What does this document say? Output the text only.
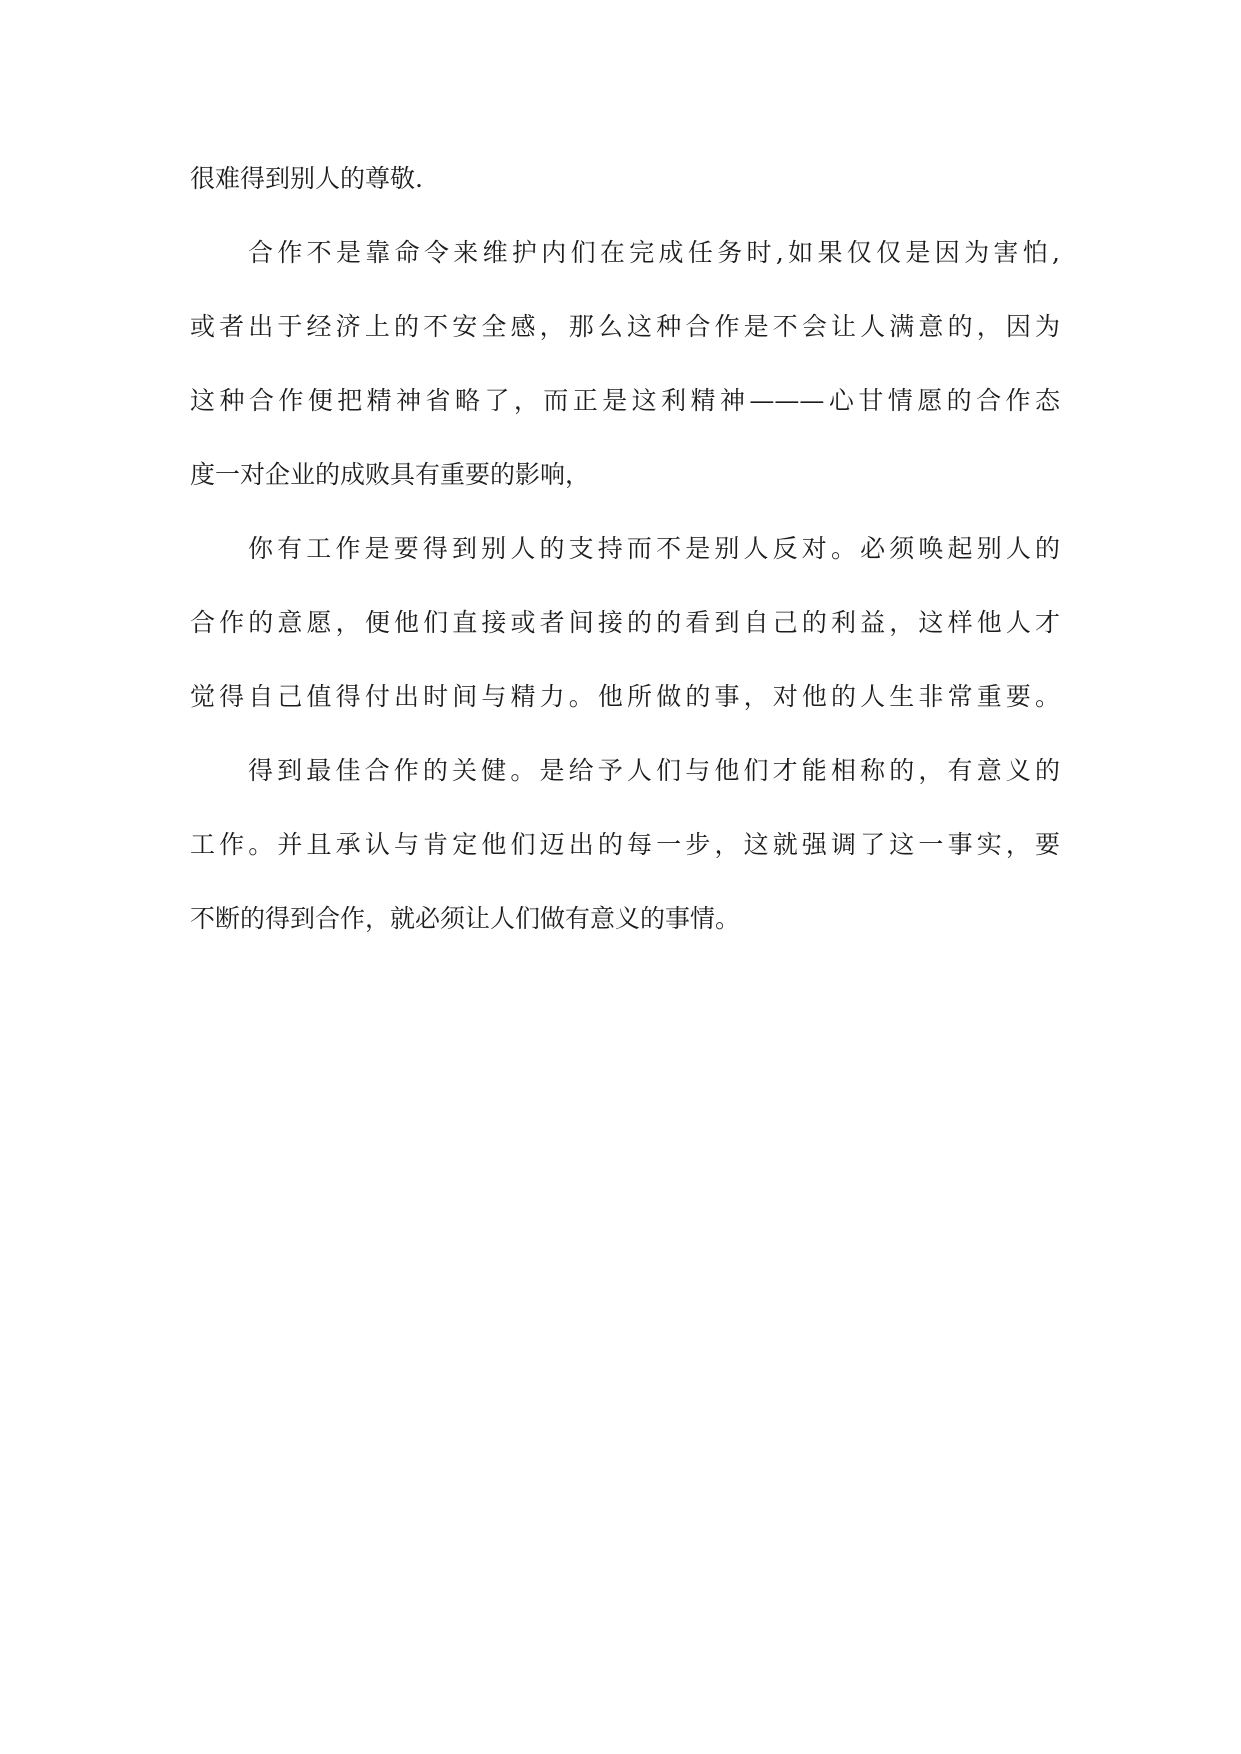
很难得到别人的尊敬.
合作不是靠命令来维护内们在完成任务时,如果仅仅是因为害怕,
或者出于经济上的不安全感，那么这种合作是不会让人满意的，因为
这种合作便把精神省略了，而正是这利精神———心甘情愿的合作态
度一对企业的成败具有重要的影响，
你有工作是要得到别人的支持而不是别人反对。必须唤起别人的
合作的意愿，便他们直接或者间接的的看到自己的利益，这样他人才
觉得自己值得付出时间与精力。他所做的事，对他的人生非常重要。
得到最佳合作的关健。是给予人们与他们才能相称的，有意义的
工作。并且承认与肯定他们迈出的每一步，这就强调了这一事实，要
不断的得到合作，就必须让人们做有意义的事情。
